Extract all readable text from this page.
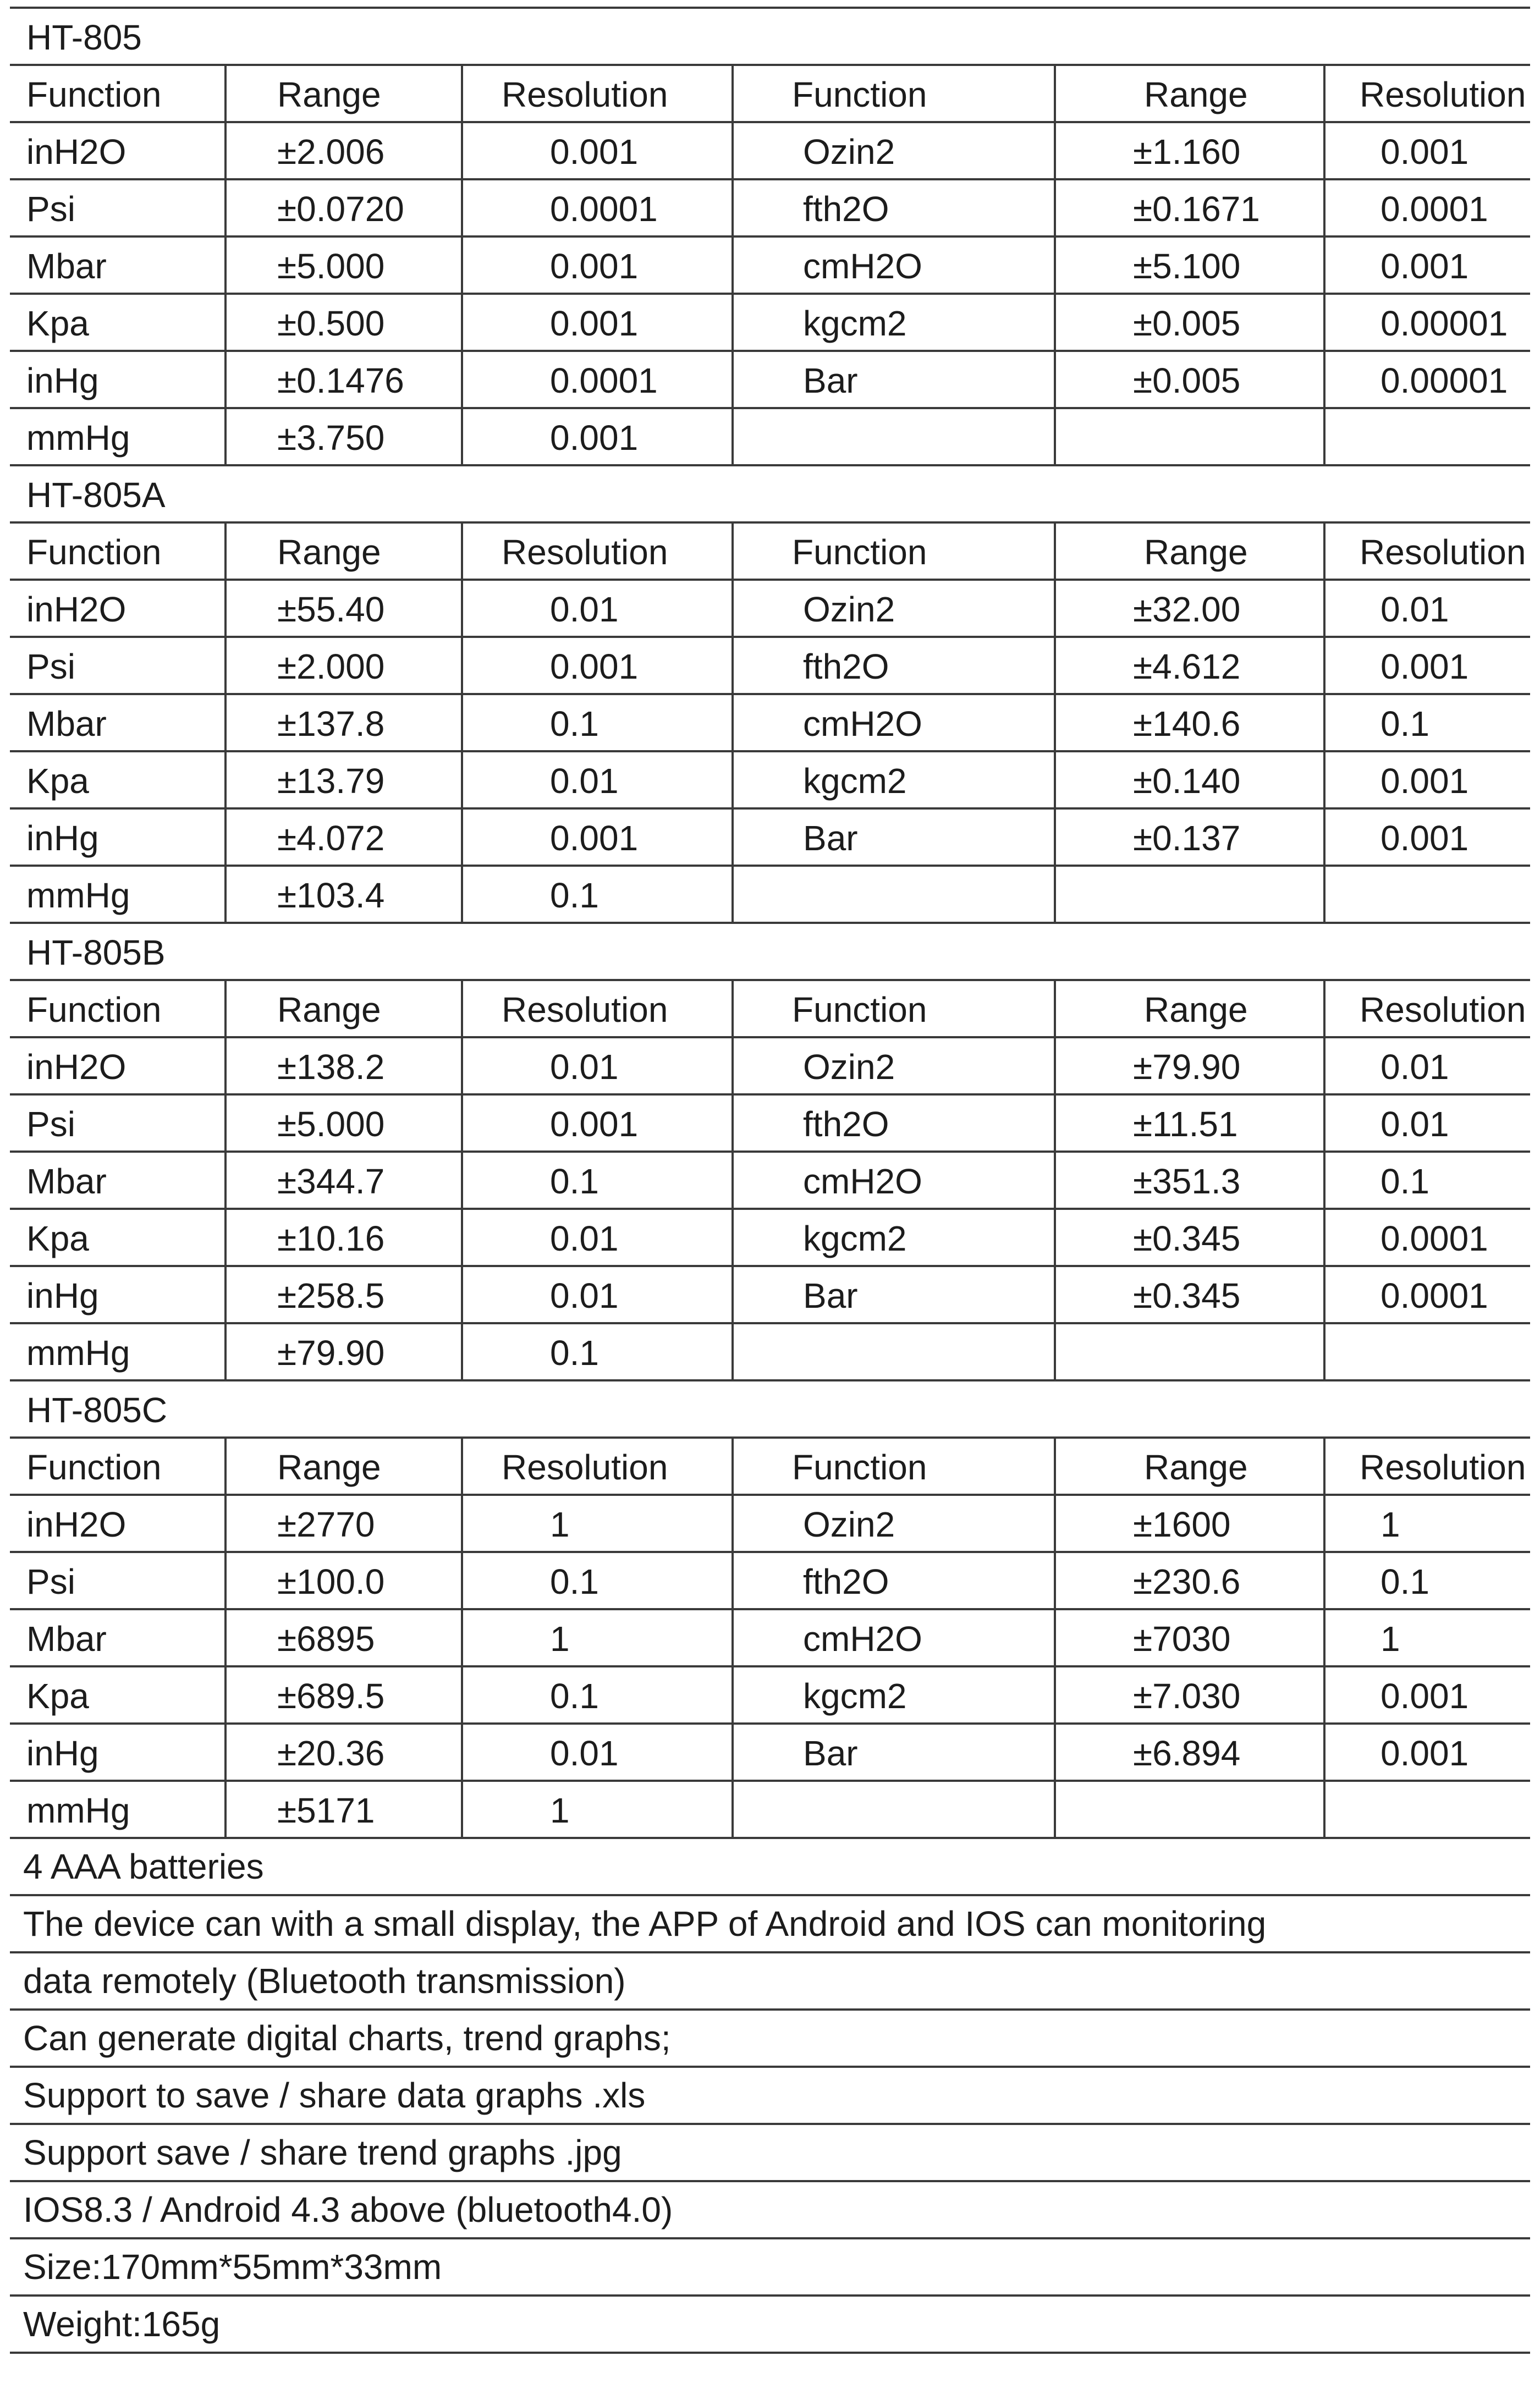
HT-805
Function	Range	Resolution	Function	Range	Resolution
inH2O	±2.006	0.001	Ozin2	±1.160	0.001
Psi	±0.0720	0.0001	fth2O	±0.1671	0.0001
Mbar	±5.000	0.001	cmH2O	±5.100	0.001
Kpa	±0.500	0.001	kgcm2	±0.005	0.00001
inHg	±0.1476	0.0001	Bar	±0.005	0.00001
mmHg	±3.750	0.001
HT-805A
Function	Range	Resolution	Function	Range	Resolution
inH2O	±55.40	0.01	Ozin2	±32.00	0.01
Psi	±2.000	0.001	fth2O	±4.612	0.001
Mbar	±137.8	0.1	cmH2O	±140.6	0.1
Kpa	±13.79	0.01	kgcm2	±0.140	0.001
inHg	±4.072	0.001	Bar	±0.137	0.001
mmHg	±103.4	0.1
HT-805B
Function	Range	Resolution	Function	Range	Resolution
inH2O	±138.2	0.01	Ozin2	±79.90	0.01
Psi	±5.000	0.001	fth2O	±11.51	0.01
Mbar	±344.7	0.1	cmH2O	±351.3	0.1
Kpa	±10.16	0.01	kgcm2	±0.345	0.0001
inHg	±258.5	0.01	Bar	±0.345	0.0001
mmHg	±79.90	0.1
HT-805C
Function	Range	Resolution	Function	Range	Resolution
inH2O	±2770	1	Ozin2	±1600	1
Psi	±100.0	0.1	fth2O	±230.6	0.1
Mbar	±6895	1	cmH2O	±7030	1
Kpa	±689.5	0.1	kgcm2	±7.030	0.001
inHg	±20.36	0.01	Bar	±6.894	0.001
mmHg	±5171	1
4 AAA batteries
The device can with a small display, the APP of Android and IOS can monitoring
data remotely (Bluetooth transmission)
Can generate digital charts, trend graphs;
Support to save / share data graphs .xls
Support save / share trend graphs .jpg
IOS8.3 / Android 4.3 above (bluetooth4.0)
Size:170mm*55mm*33mm
Weight:165g
